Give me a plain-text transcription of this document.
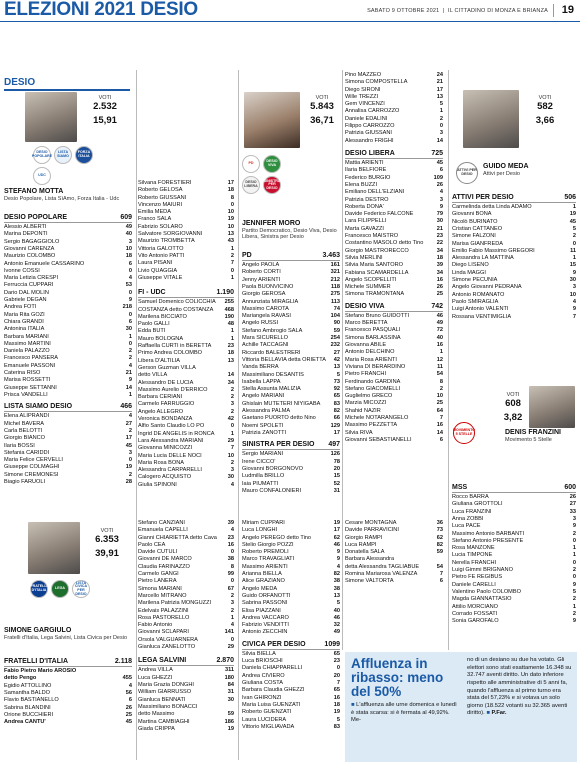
ELEZIONI 2021 DESIO	SABATO 9 OTTOBRE 2021  |  IL CITTADINO DI MONZA E BRIANZA 19
DESIO
VOTI
2.532
15,91
DESIO POPOLARE
LISTA SIAMO
FORZA ITALIA
UDC
STEFANO MOTTA
Desio Popolare, Lista SìAmo, Forza Italia - Udc
DESIO POPOLARE	609
Alessio ALBERTI	49
Marina DEPONTI	40
Sergio BAGAGGIOLO	3
Giovanni CARENZA	10
Maurizio COLOMBO	18
Antonio Emanuele CASSARINO	6
Ivonne COSSI	0
Maria Letizia CRESPI	4
Ferruccia CUPPARI	53
Dario DAL MOLIN	0
Gabriele DEGAN	9
Andrea FOTI	218
Maria Rita GOZI	0
Chiara GRANDI	6
Antonina ITALIA	30
Barbara MARIANI	1
Massimo MARTINI	0
Daniela PALAZZO	2
Francesco PANSERA	2
Emanuele PASSONI	4
Caterina RISO	21
Marisa ROSSETTI	9
Giuseppe SETTANNI	14
Prisca VANDELLI	1
LISTA SIAMO DESIO	466
Elena ALIPRANDI	4
Michel BAVERA	27
Carla BELOTTI	2
Giorgio BIANCO	17
Ilaria BOSSI	45
Stefania CARIDDI	3
Maria Felice CERVELLI	0
Giuseppe COLMAGHI	19
Simone CREMONESI	2
Biagio FARUOLI	28
Silvana FORESTIERI	17
Roberto GELOSA	18
Roberto GIUSSANI	8
Vincenzo MAIURI	0
Emilia MEDA	10
Franco SALA	19
Fabrizio SOLARO	10
Salvatore SORGIOVANNI	13
Maurizio TROMBETTA	43
Vittoria GALOTTO	1
Vito Antonio PATTI	2
Laura PISANI	7
Livio QUAGGIA	0
Giuseppe VITALE	1
FI - UDC	1.190
Samuel Domenico COLICCHIA 255
COSTANZA detto COSTANZA 468
Marilena BICCIATO	190
Paolo GALLI	48
Edda BUTI	1
Mauro BOLOGNA	1
Raffaella CURTI in BERETTA	23
Primo Andrea COLOMBO	18
Libera D'ALTILIA	13
Gerson Guzman VILLA
detto VILLA	14
Alessandro DE LUCIA	34
Massimo Aurelio D'ERRICO	2
Barbara CERIANI	2
Carmelo FARRUGGIO	3
Angelo ALLEGRO	2
Veronica BONDANZA	42
Alfio Santo Claudio LO PO	0
Ingrid DE ANGELIS in RONCA	1
Lara Alessandra MARIANI	29
Giovanna MINICOZZI	7
Maria Lucia DELLE NOCI	10
Maria Rosa BONA	2
Alessandra CARPARELLI	3
Calogero ACQUISTO	30
Giulia SPINONI	4
VOTI
5.843
36,71
PD	DESIO VIVA
DESIO LIBERA
SINISTRA PER DESIO
JENNIFER MORO
Partito Democratico, Desio Viva, Desio Libera, Sinistra per Desio
PD	3.463
Angelo PAOLA	161
Roberto CORTI	321
Jenny ARIENTI	212
Paola BUONVICINO	118
Giorgio GEROSA	275
Annunziata MIRAGLIA	113
Massimo CAROTA	74
Mariangela RAVASI	104
Angelo RUSSI	90
Stefano Ambrogio SALA	59
Mara SICURELLO	254
Achille TACCAGNI	232
Riccardo BALESTRERI	27
Vittoria BELLAVIA detta ORIETTA 42
Vanda BERRA	13
Massimiliano DESANTIS	5
Isabella LAPPA	73
Stella Assunta MALIZIA	92
Angelo MARIANI	65
Ghislain MUTETERI NIYIGABA 83
Alessandra PALMA	82
Gaetano PUORTO detto Nino	66
Noemi SPOLETI	129
Patrizia ZANOTTI	17
SINISTRA PER DESIO 497
Sergio MARIANI	126
Irene CICCO'	78
Giovanni BORGONOVO	20
Ludmilla BRILLO	15
Iaia PIUMATTI	52
Mauro CONFALONIERI	31
Pino MAZZEO	24
Simona COMPOSTELLA	21
Diego SIRONI	17
Wille TREZZI	13
Gem VINCENZI	5
Annalisa CARROZZO	1
Daniele EDALINI	2
Filippo CARROZZO	0
Patrizia GIUSSANI	3
Alessandro FRIGHI	14
DESIO LIBERA	725
Mattia ARIENTI	45
Ilaria BELFIORE	6
Federico BURGIO	109
Elena BUZZI	26
Emiliano DELL'ELZIANI	4
Patrizia DESTRO	3
Roberta DONA'	9
Davide Federico FALCONE	79
Lara FILIPPELLI	30
Marta GAVAZZI	21
Francesco MAISTRO	23
Costantino MASOLO detto Tino 22
Giorgio MASTRORECCO	34
Silvia MERLINI	18
Silvia Maria SANTORO	39
Fabiana SCAMARDELLA	34
Angelo SCOPELLITI	16
Michele SUMMER	26
Simona TRAMONTANA	25
DESIO VIVA	742
Stefano Bruno GUIDOTTI	46
Marco BERETTA	49
Francesco PASQUALI	72
Simona BARLASSINA	40
Giovanna ABILE	16
Antonio DELCHINO	1
Maria Rosa ARIENTI	12
Viviana DI BERARDINO	11
Pietro FRANCHI	54
Ferdinando GARDINA	8
Stefano GIACOMELLI	2
Guglielmo GRECO	10
Marzia MICOZZI	25
Shahid NAZIR	64
Michele NOTARANGELO	7
Massimo PEZZETTA	16
Silvia RIVA	14
Giovanni SEBASTIANELLI	6
VOTI
582
3,66
ATTIVI PER DESIO
GUIDO MEDA
Attivi per Desio
ATTIVI PER DESIO	506
Carmelinda detta Linda ADAMO	1
Giovanni BONA	19
Nicolò BURINATO	45
Cristian CATTANEO	5
Simone FALZONI	2
Marisa GIANFREDA	0
Emilio Fabio Massimo GREGORI	11
Alessandra LA MATTINA	1
Diego LISENO	15
Linda MAGGI	9
Simone PECUNIA	30
Angelo Giovanni PEDRANA	3
Antonio ROMANATO	10
Paolo SMIRAGLIA	4
Luigi Antonio VALENTI	9
Rossana VENTIMIGLIA	7
VOTI
608
3,82
MOVIMENTO 5 STELLE	DENIS FRANZINI
Movimento 5 Stelle
MSS	600
Rocco BARRA	26
Giuliana GROTTOLI	27
Luca FRANZINI	33
Anna ZOBBI	3
Luca PACE	9
Massimo Antonio BARBANTI	2
Stefano Antonio PRESENTE	0
Rosa MANZONE	1
Lucia TIMPONE	1
Nerella FRANCHI	0
Luigi Gimmi BRIGNANO	2
Pietro FE REGIBUS	0
Daniele CARELLI	9
Valentino Paolo COLOMBO	5
Magda GIANNATTASIO	2
Attilio MORCIANO	1
Corrado FOSSATI	2
Sonia GAROFALO	9
VOTI
6.353
39,91
FRATELLI D'ITALIA	LEGA
LISTA CIVICA PER DESIO
SIMONE GARGIULO
Fratelli d'Italia, Lega Salvini, Lista Civica per Desio
FRATELLI D'ITALIA	2.118
Fabio Pietro Mario AROSIO
detto Pengo	455
Egidio ATTOLLINO	4
Samantha BALDO	56
Flavio BASTIANELLO	6
Sabrina BLANDINI	26
Orione BUCCHIERI	25
Andrea CANTU'	45
Stefano CANZIANI	39
Emanuela CAPELLI	4
Gianni CHIARIETTA detto Cava 23
Paolo CEA	16
Davide CUTULI	0
Giovanni DE MARCO	38
Claudia FARINAZZO	8
Carmelo GANGI	99
Pietro LANERA	0
Simona MARIANI	67
Marcello MITRANO	2
Marilena Patrizia MONGUZZI	3
Edelvais PALAZZINI	2
Rosa PASTORELLO	1
Fabio Antonio	4
Giovanni SCLAPARI	141
Orsola VALGUARNERA	0
Gianluca ZANELOTTO	29
LEGA SALVINI	2.870
Andrea VILLA	311
Luca GHEZZI	180
Maria Grazia DONGHI	84
William GIARRUSSO	31
Gianluca BENNATI	30
Massimiliano BONACCI
detto Massimo	59
Martina CAMBIAGHI	186
Giada CRIPPA	19
Miriam CUPPARI	19
Luca LONGHI	17
Angelo PEREGO detto Tino	62
Stelio Giorgio POZZI	46
Roberto PREMOLI	9
Marco TRAVAGLIATI	9
Massimo ARIENTI	4
Arianna BIELLA	82
Alice GRAZIANO	38
Angelo MEDA	38
Guido ORFANOTTI	13
Sabrina PASSONI	5
Elisa PIAZZANI	40
Andrea VACCARO	46
Fabrizio VENDITTI	32
Antonio ZECCHIN	49
CIVICA PER DESIO	1099
Silvia BIELLA	65
Luca BRIOSCHI	23
Daniela CHIAPPARELLI	0
Andrea CIVIERO	20
Giuliana COSTA	7
Barbara Claudia GHEZZI	65
Ivan GHIRONZI	16
Maria Luisa GUENZATI	18
Roberto GUENZATI	19
Laura LUCIDERA	5
Vittorio MIGLIAVADA	83
Cesare MONTAGNA	36
Davide PARRAVICINI	73
Giorgio RAMPI	62
Luca RAMPI	82
Donatella SALA	59
Barbara Alessandra
detta Alessandra TAGLIABUE	54
Romina Mariarosa VALENZA	7
Simone VALTORTA	6
Affluenza in ribasso: meno del 50%
■ L'affluenza alle urne domenica e lunedì è stata scarsa: si è fermata al 49,92%. Me-
no di un desiano su due ha votato. Gli elettori sono stati esattamente 16.348 su 32.747 aventi diritto. Un dato inferiore rispetto alle amministrative di 5 anni fa, quando l'affluenza al primo turno era stata del 57,23% e si votava un solo giorno (18.522 votanti su 32.365 aventi diritto). ■ P.Far.
